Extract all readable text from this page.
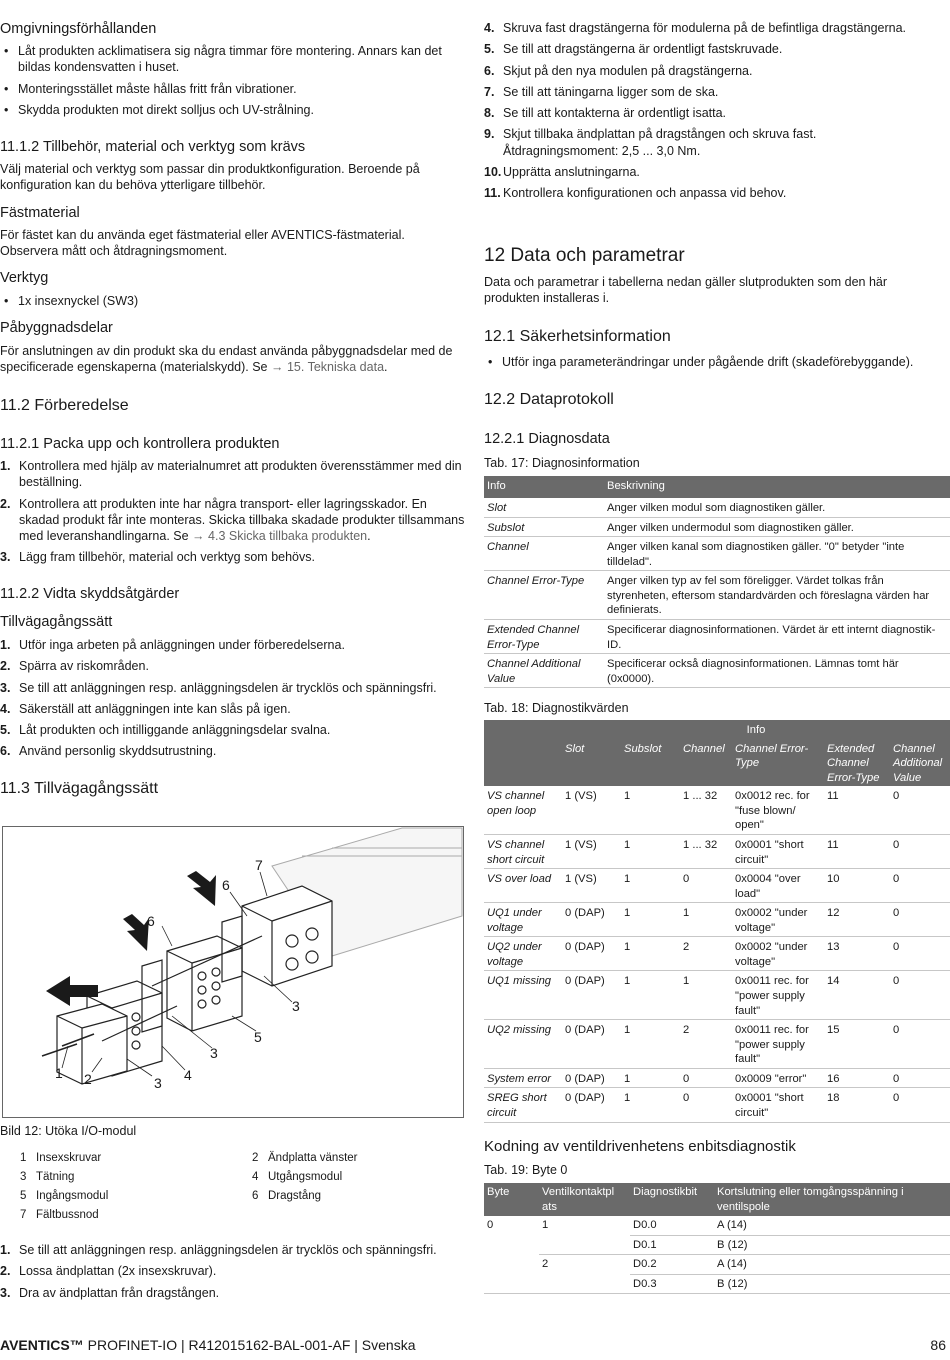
Omgivningsförhållanden

• Låt produkten acklimatisera sig några timmar före montering. Annars kan det bildas kondensvatten i huset.

• Monteringsstället måste hållas fritt från vibrationer.

• Skydda produkten mot direkt solljus och UV-strålning.

11.1.2 Tillbehör, material och verktyg som krävs

Välj material och verktyg som passar din produktkonfiguration. Beroende på konfiguration kan du behöva ytterligare tillbehör.

Fästmaterial

För fästet kan du använda eget fästmaterial eller AVENTICS-fästmaterial. Observera mått och åtdragningsmoment.

Verktyg

• 1x insexnyckel (SW3)

Påbyggnadsdelar

För anslutningen av din produkt ska du endast använda påbyggnadsdelar med de specificerade egenskaperna (materialskydd). Se → 15. Tekniska data.

11.2 Förberedelse
11.2.1 Packa upp och kontrollera produkten

1. Kontrollera med hjälp av materialnumret att produkten överensstämmer med din beställning.

2. Kontrollera att produkten inte har några transport- eller lagringsskador. En skadad produkt får inte monteras. Skicka tillbaka skadade produkter tillsammans med leveranshandlingarna. Se → 4.3 Skicka tillbaka produkten.

3. Lägg fram tillbehör, material och verktyg som behövs.

11.2.2 Vidta skyddsåtgärder
Tillvägagångssätt

1. Utför inga arbeten på anläggningen under förberedelserna.

2. Spärra av riskområden.

3. Se till att anläggningen resp. anläggningsdelen är trycklös och spänningsfri.

4. Säkerställ att anläggningen inte kan slås på igen.

5. Låt produkten och intilliggande anläggningsdelar svalna.

6. Använd personlig skyddsutrustning.

11.3 Tillvägagångssätt
1 2	3 4
3
5
3
6
6
7

Bild 12: Utöka I/O-modul

1 Insexskruvar	2 Ändplatta vänster
3 Tätning	4 Utgångsmodul
5 Ingångsmodul	6 Dragstång
7 Fältbussnod

1. Se till att anläggningen resp. anläggningsdelen är trycklös och spänningsfri.

2. Lossa ändplattan (2x insexskruvar).

3. Dra av ändplattan från dragstången.

4. Skruva fast dragstängerna för modulerna på de befintliga dragstängerna.

5. Se till att dragstängerna är ordentligt fastskruvade.

6. Skjut på den nya modulen på dragstängerna.

7. Se till att täningarna ligger som de ska.

8. Se till att kontakterna är ordentligt isatta.

9. Skjut tillbaka ändplattan på dragstången och skruva fast. Åtdragningsmoment: 2,5 ... 3,0 Nm.

10. Upprätta anslutningarna.

11. Kontrollera konfigurationen och anpassa vid behov.

12 Data och parametrar

Data och parametrar i tabellerna nedan gäller slutprodukten som den här produkten installeras i.

12.1 Säkerhetsinformation

• Utför inga parameterändringar under pågående drift (skadeförebyggande).

12.2 Dataprotokoll
12.2.1 Diagnosdata

Tab. 17: Diagnosinformation

Info	Beskrivning
Slot	Anger vilken modul som diagnostiken gäller.
Subslot	Anger vilken undermodul som diagnostiken gäller.
Channel	Anger vilken kanal som diagnostiken gäller. "0" betyder "inte tilldelad".
Channel Error-Type	Anger vilken typ av fel som föreligger. Värdet tolkas från styrenheten, eftersom standardvärden och föreslagna värden har definierats.
Extended Channel Error-Type	Specificerar diagnosinformationen. Värdet är ett internt diagnostik-ID.
Channel Additional Value	Specificerar också diagnosinformationen. Lämnas tomt här (0x0000).

Tab. 18: Diagnostikvärden

	Info					
	Slot	Subslot	Channel	Channel Error-Type	Extended Channel Error-Type	Channel Additional Value
VS channel open loop	1 (VS)	1	1 ... 32	0x0012 rec. for "fuse blown/ open"	11	0
VS channel short circuit	1 (VS)	1	1 ... 32	0x0001 "short circuit"	11	0
VS over load	1 (VS)	1	0	0x0004 "over load"	10	0
UQ1 under voltage	0 (DAP)	1	1	0x0002 "under voltage"	12	0
UQ2 under voltage	0 (DAP)	1	2	0x0002 "under voltage"	13	0
UQ1 missing	0 (DAP)	1	1	0x0011 rec. for "power supply fault"	14	0
UQ2 missing	0 (DAP)	1	2	0x0011 rec. for "power supply fault"	15	0
System error	0 (DAP)	1	0	0x0009 "error"	16	0
SREG short circuit	0 (DAP)	1	0	0x0001 "short circuit"	18	0
Kodning av ventildrivenhetens enbitsdiagnostik

Tab. 19: Byte 0

Byte	Ventilkontaktpl ats	Diagnostikbit	Kortslutning eller tomgångsspänning i ventilspole
0	1	D0.0	A (14)
		D0.1	B (12)
	2	D0.2	A (14)
		D0.3	B (12)
AVENTICS™ PROFINET-IO | R412015162-BAL-001-AF | Svenska	86
